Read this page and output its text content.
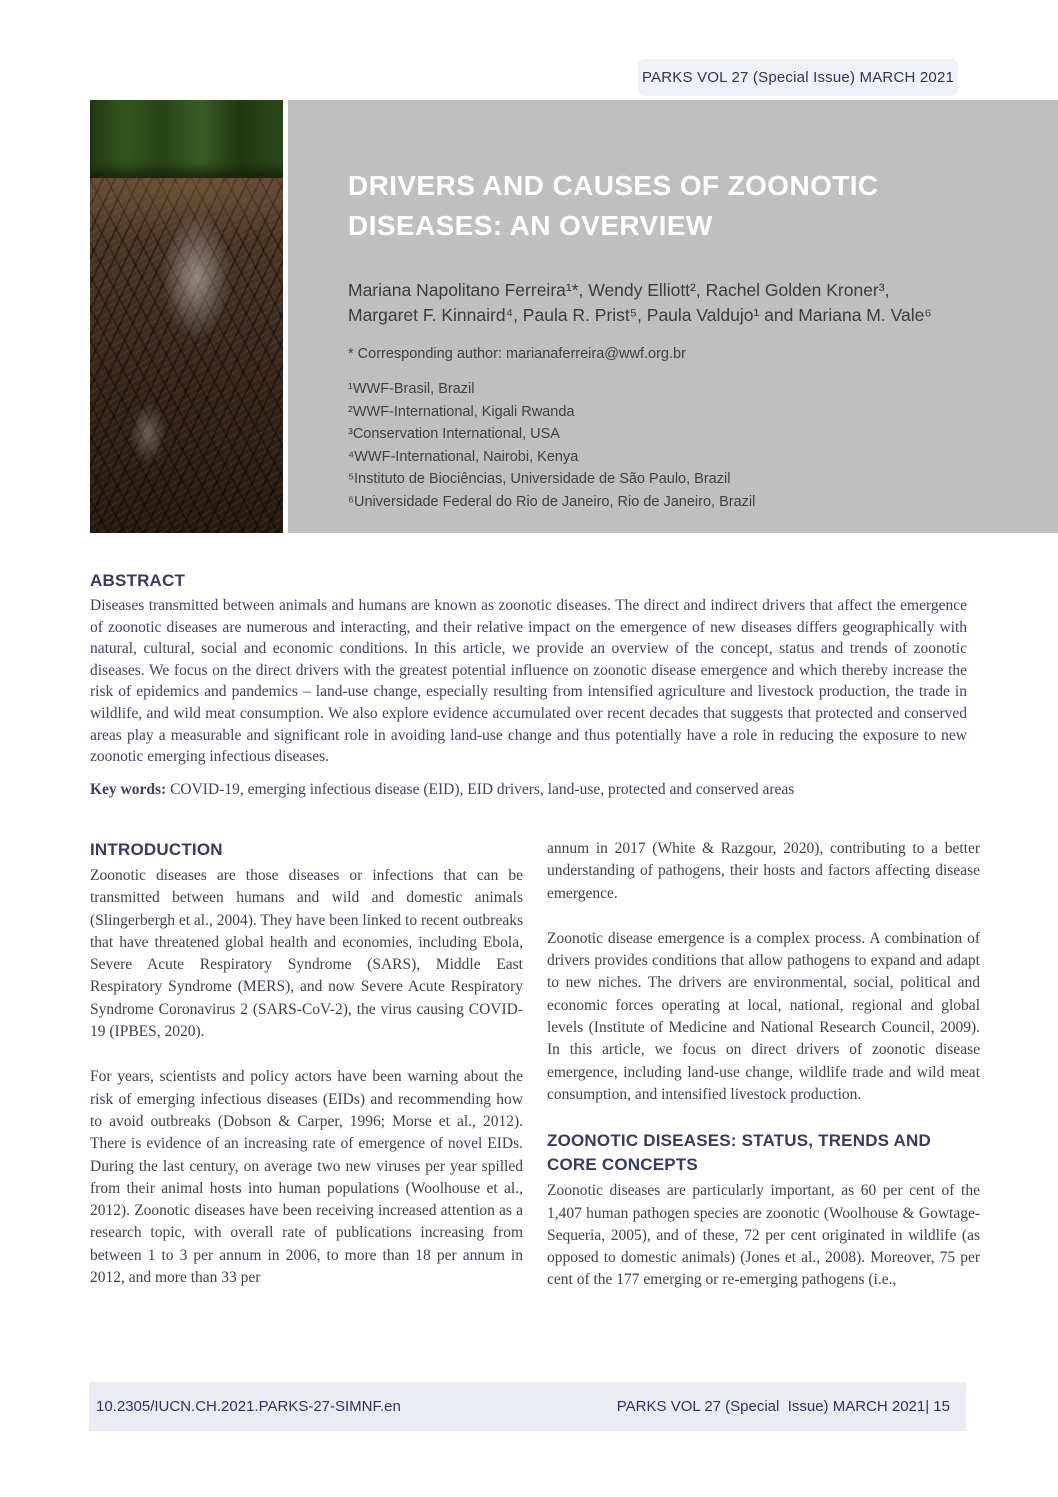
PARKS VOL 27 (Special Issue) MARCH 2021
DRIVERS AND CAUSES OF ZOONOTIC
DISEASES: AN OVERVIEW
Mariana Napolitano Ferreira¹*, Wendy Elliott², Rachel Golden Kroner³,
Margaret F. Kinnaird⁴, Paula R. Prist⁵, Paula Valdujo¹ and Mariana M. Vale⁶
* Corresponding author: marianaferreira@wwf.org.br
¹WWF-Brasil, Brazil
²WWF-International, Kigali Rwanda
³Conservation International, USA
⁴WWF-International, Nairobi, Kenya
⁵Instituto de Biociências, Universidade de São Paulo, Brazil
⁶Universidade Federal do Rio de Janeiro, Rio de Janeiro, Brazil
ABSTRACT
Diseases transmitted between animals and humans are known as zoonotic diseases. The direct and indirect drivers that affect the emergence of zoonotic diseases are numerous and interacting, and their relative impact on the emergence of new diseases differs geographically with natural, cultural, social and economic conditions. In this article, we provide an overview of the concept, status and trends of zoonotic diseases. We focus on the direct drivers with the greatest potential influence on zoonotic disease emergence and which thereby increase the risk of epidemics and pandemics – land-use change, especially resulting from intensified agriculture and livestock production, the trade in wildlife, and wild meat consumption. We also explore evidence accumulated over recent decades that suggests that protected and conserved areas play a measurable and significant role in avoiding land-use change and thus potentially have a role in reducing the exposure to new zoonotic emerging infectious diseases.
Key words: COVID-19, emerging infectious disease (EID), EID drivers, land-use, protected and conserved areas
INTRODUCTION

Zoonotic diseases are those diseases or infections that can be transmitted between humans and wild and domestic animals (Slingerbergh et al., 2004). They have been linked to recent outbreaks that have threatened global health and economies, including Ebola, Severe Acute Respiratory Syndrome (SARS), Middle East Respiratory Syndrome (MERS), and now Severe Acute Respiratory Syndrome Coronavirus 2 (SARS-CoV-2), the virus causing COVID-19 (IPBES, 2020).

For years, scientists and policy actors have been warning about the risk of emerging infectious diseases (EIDs) and recommending how to avoid outbreaks (Dobson & Carper, 1996; Morse et al., 2012). There is evidence of an increasing rate of emergence of novel EIDs. During the last century, on average two new viruses per year spilled from their animal hosts into human populations (Woolhouse et al., 2012). Zoonotic diseases have been receiving increased attention as a research topic, with overall rate of publications increasing from between 1 to 3 per annum in 2006, to more than 18 per annum in 2012, and more than 33 per

annum in 2017 (White & Razgour, 2020), contributing to a better understanding of pathogens, their hosts and factors affecting disease emergence.

Zoonotic disease emergence is a complex process. A combination of drivers provides conditions that allow pathogens to expand and adapt to new niches. The drivers are environmental, social, political and economic forces operating at local, national, regional and global levels (Institute of Medicine and National Research Council, 2009). In this article, we focus on direct drivers of zoonotic disease emergence, including land-use change, wildlife trade and wild meat consumption, and intensified livestock production.

ZOONOTIC DISEASES: STATUS, TRENDS AND CORE CONCEPTS

Zoonotic diseases are particularly important, as 60 per cent of the 1,407 human pathogen species are zoonotic (Woolhouse & Gowtage-Sequeria, 2005), and of these, 72 per cent originated in wildlife (as opposed to domestic animals) (Jones et al., 2008). Moreover, 75 per cent of the 177 emerging or re-emerging pathogens (i.e.,

10.2305/IUCN.CH.2021.PARKS-27-SIMNF.en	PARKS VOL 27 (Special  Issue) MARCH 2021| 15
